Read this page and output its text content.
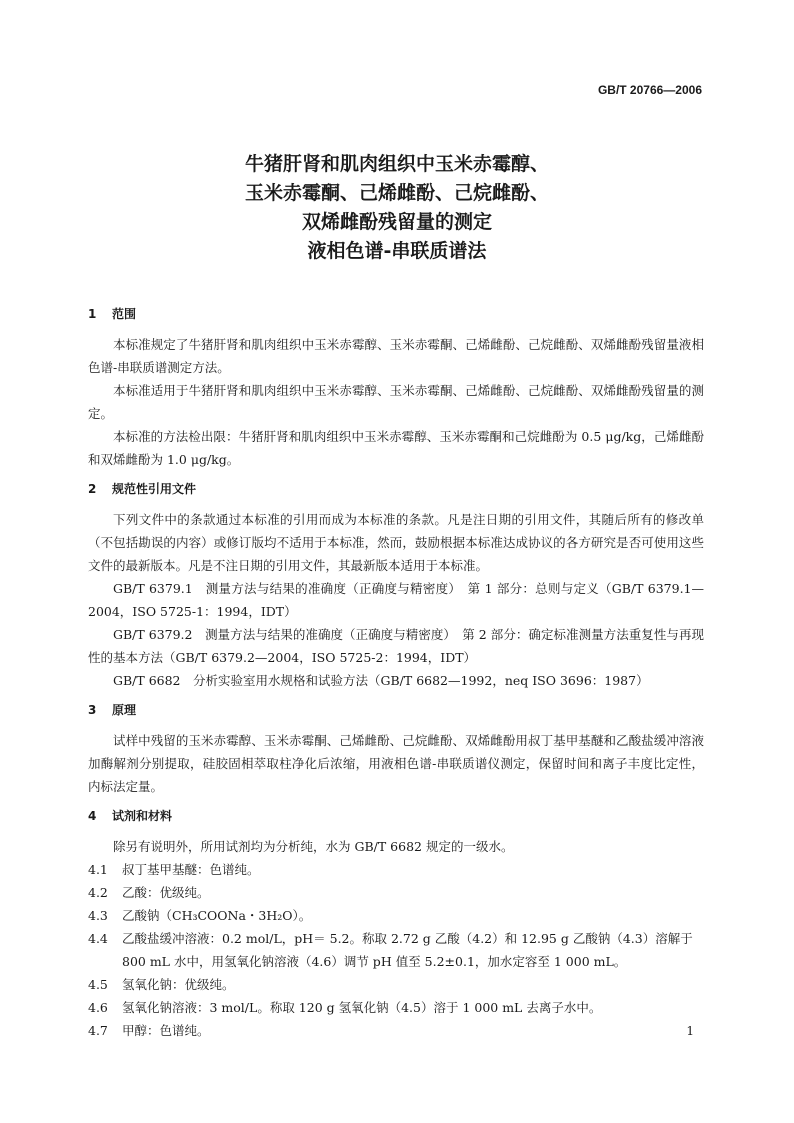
GB/T 20766—2006
牛猪肝肾和肌肉组织中玉米赤霉醇、
玉米赤霉酮、己烯雌酚、己烷雌酚、
双烯雌酚残留量的测定
液相色谱-串联质谱法
1 范围

本标准规定了牛猪肝肾和肌肉组织中玉米赤霉醇、玉米赤霉酮、己烯雌酚、己烷雌酚、双烯雌酚残留量液相色谱-串联质谱测定方法。

本标准适用于牛猪肝肾和肌肉组织中玉米赤霉醇、玉米赤霉酮、己烯雌酚、己烷雌酚、双烯雌酚残留量的测定。

本标准的方法检出限：牛猪肝肾和肌肉组织中玉米赤霉醇、玉米赤霉酮和己烷雌酚为 0.5 μg/kg，己烯雌酚和双烯雌酚为 1.0 μg/kg。

2 规范性引用文件

下列文件中的条款通过本标准的引用而成为本标准的条款。凡是注日期的引用文件，其随后所有的修改单（不包括勘误的内容）或修订版均不适用于本标准，然而，鼓励根据本标准达成协议的各方研究是否可使用这些文件的最新版本。凡是不注日期的引用文件，其最新版本适用于本标准。

GB/T 6379.1　测量方法与结果的准确度（正确度与精密度）　第 1 部分：总则与定义（GB/T 6379.1—2004，ISO 5725-1：1994，IDT）

GB/T 6379.2　测量方法与结果的准确度（正确度与精密度）　第 2 部分：确定标准测量方法重复性与再现性的基本方法（GB/T 6379.2—2004，ISO 5725-2：1994，IDT）

GB/T 6682　分析实验室用水规格和试验方法（GB/T 6682—1992，neq ISO 3696：1987）

3 原理

试样中残留的玉米赤霉醇、玉米赤霉酮、己烯雌酚、己烷雌酚、双烯雌酚用叔丁基甲基醚和乙酸盐缓冲溶液加酶解剂分别提取，硅胶固相萃取柱净化后浓缩，用液相色谱-串联质谱仪测定，保留时间和离子丰度比定性，内标法定量。

4 试剂和材料

除另有说明外，所用试剂均为分析纯，水为 GB/T 6682 规定的一级水。

4.1	叔丁基甲基醚：色谱纯。
4.2	乙酸：优级纯。
4.3	乙酸钠（CH₃COONa・3H₂O）。
4.4	乙酸盐缓冲溶液：0.2 mol/L，pH＝ 5.2。称取 2.72 g 乙酸（4.2）和 12.95 g 乙酸钠（4.3）溶解于 800 mL 水中，用氢氧化钠溶液（4.6）调节 pH 值至 5.2±0.1，加水定容至 1 000 mL。
4.5	氢氧化钠：优级纯。
4.6	氢氧化钠溶液：3 mol/L。称取 120 g 氢氧化钠（4.5）溶于 1 000 mL 去离子水中。
4.7	甲醇：色谱纯。	1
